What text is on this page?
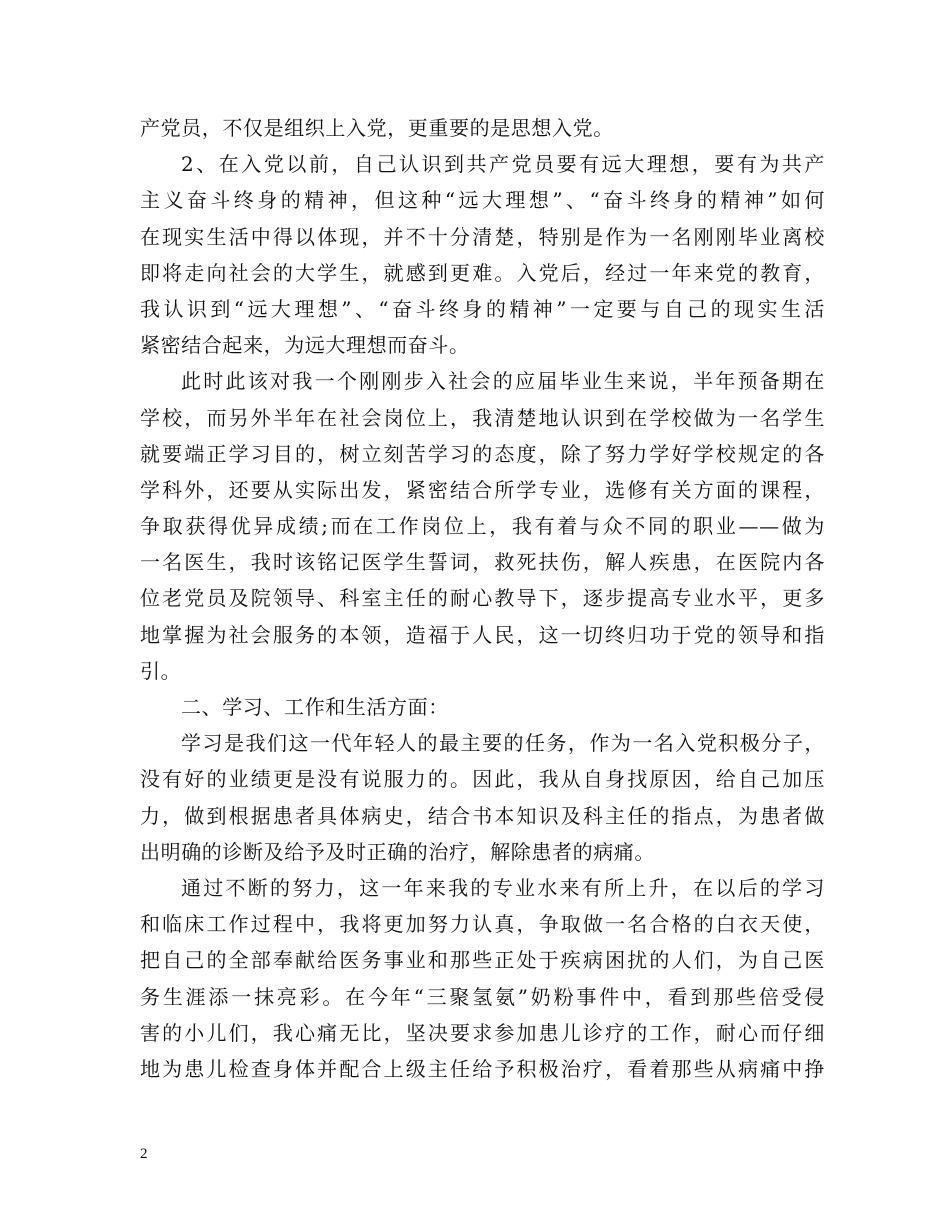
产党员，不仅是组织上入党，更重要的是思想入党。
2、在入党以前，自己认识到共产党员要有远大理想，要有为共产
主义奋斗终身的精神，但这种“远大理想”、“奋斗终身的精神”如何
在现实生活中得以体现，并不十分清楚，特别是作为一名刚刚毕业离校
即将走向社会的大学生，就感到更难。入党后，经过一年来党的教育，
我认识到“远大理想”、“奋斗终身的精神”一定要与自己的现实生活
紧密结合起来，为远大理想而奋斗。
此时此该对我一个刚刚步入社会的应届毕业生来说，半年预备期在
学校，而另外半年在社会岗位上，我清楚地认识到在学校做为一名学生
就要端正学习目的，树立刻苦学习的态度，除了努力学好学校规定的各
学科外，还要从实际出发，紧密结合所学专业，选修有关方面的课程，
争取获得优异成绩;而在工作岗位上，我有着与众不同的职业——做为
一名医生，我时该铭记医学生誓词，救死扶伤，解人疾患，在医院内各
位老党员及院领导、科室主任的耐心教导下，逐步提高专业水平，更多
地掌握为社会服务的本领，造福于人民，这一切终归功于党的领导和指
引。
二、学习、工作和生活方面：
学习是我们这一代年轻人的最主要的任务，作为一名入党积极分子，
没有好的业绩更是没有说服力的。因此，我从自身找原因，给自己加压
力，做到根据患者具体病史，结合书本知识及科主任的指点，为患者做
出明确的诊断及给予及时正确的治疗，解除患者的病痛。
通过不断的努力，这一年来我的专业水来有所上升，在以后的学习
和临床工作过程中，我将更加努力认真，争取做一名合格的白衣天使，
把自己的全部奉献给医务事业和那些正处于疾病困扰的人们，为自己医
务生涯添一抹亮彩。在今年“三聚氢氨”奶粉事件中，看到那些倍受侵
害的小儿们，我心痛无比，坚决要求参加患儿诊疗的工作，耐心而仔细
地为患儿检查身体并配合上级主任给予积极治疗，看着那些从病痛中挣
2
